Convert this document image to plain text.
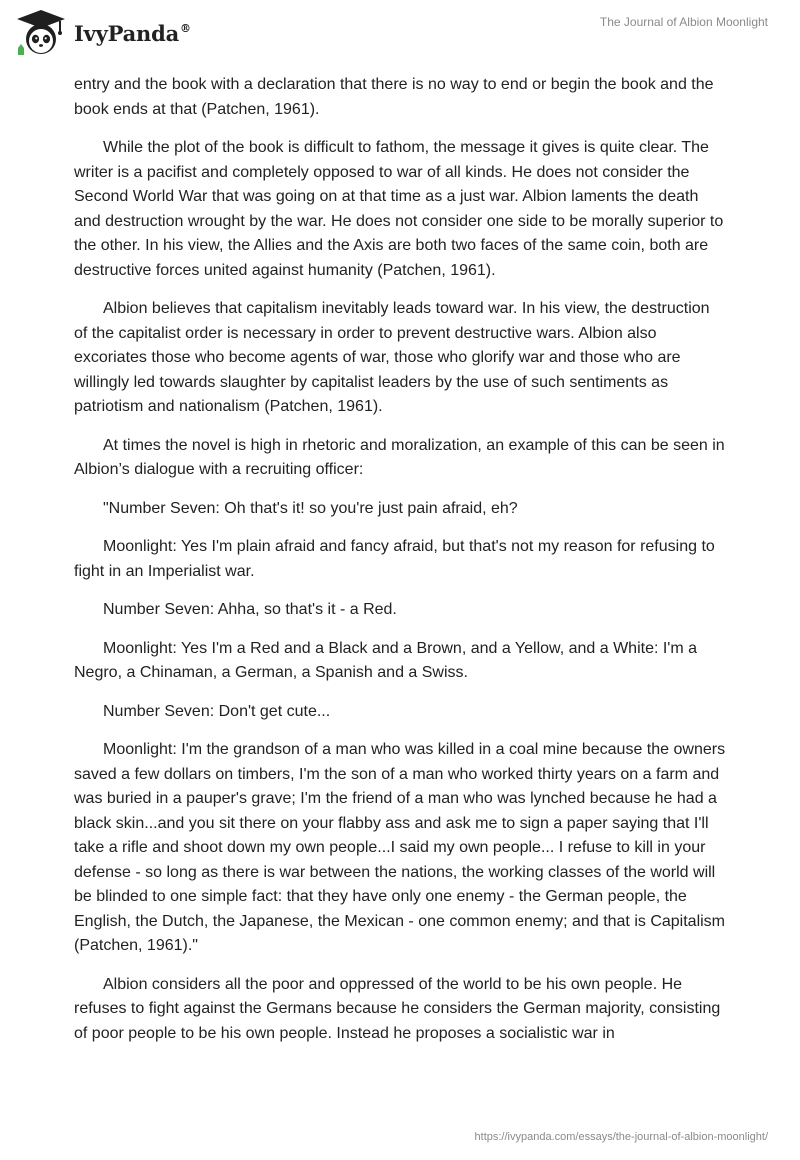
IvyPanda®	The Journal of Albion Moonlight

entry and the book with a declaration that there is no way to end or begin the book and the book ends at that (Patchen, 1961).

While the plot of the book is difficult to fathom, the message it gives is quite clear. The writer is a pacifist and completely opposed to war of all kinds. He does not consider the Second World War that was going on at that time as a just war. Albion laments the death and destruction wrought by the war. He does not consider one side to be morally superior to the other. In his view, the Allies and the Axis are both two faces of the same coin, both are destructive forces united against humanity (Patchen, 1961).

Albion believes that capitalism inevitably leads toward war. In his view, the destruction of the capitalist order is necessary in order to prevent destructive wars. Albion also excoriates those who become agents of war, those who glorify war and those who are willingly led towards slaughter by capitalist leaders by the use of such sentiments as patriotism and nationalism (Patchen, 1961).

At times the novel is high in rhetoric and moralization, an example of this can be seen in Albion’s dialogue with a recruiting officer:

"Number Seven: Oh that's it! so you're just pain afraid, eh?

Moonlight: Yes I'm plain afraid and fancy afraid, but that's not my reason for refusing to fight in an Imperialist war.

Number Seven: Ahha, so that's it - a Red.

Moonlight: Yes I'm a Red and a Black and a Brown, and a Yellow, and a White: I'm a Negro, a Chinaman, a German, a Spanish and a Swiss.

Number Seven: Don't get cute...

Moonlight: I'm the grandson of a man who was killed in a coal mine because the owners saved a few dollars on timbers, I'm the son of a man who worked thirty years on a farm and was buried in a pauper's grave; I'm the friend of a man who was lynched because he had a black skin...and you sit there on your flabby ass and ask me to sign a paper saying that I'll take a rifle and shoot down my own people...I said my own people... I refuse to kill in your defense - so long as there is war between the nations, the working classes of the world will be blinded to one simple fact: that they have only one enemy - the German people, the English, the Dutch, the Japanese, the Mexican - one common enemy; and that is Capitalism (Patchen, 1961)."

Albion considers all the poor and oppressed of the world to be his own people. He refuses to fight against the Germans because he considers the German majority, consisting of poor people to be his own people. Instead he proposes a socialistic war in

https://ivypanda.com/essays/the-journal-of-albion-moonlight/
